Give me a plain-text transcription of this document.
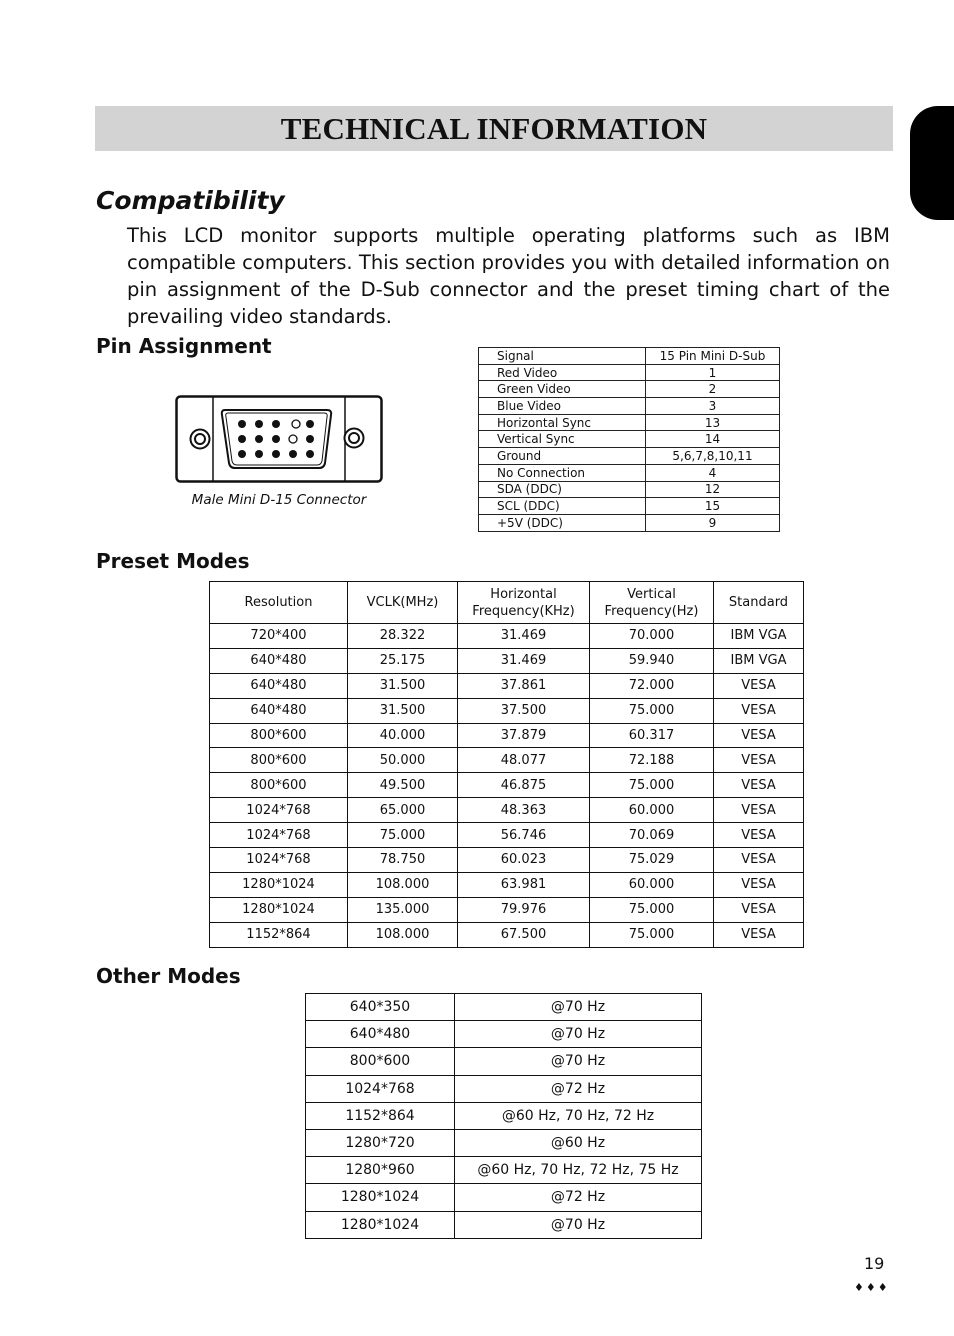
TECHNICAL INFORMATION
Compatibility

This LCD monitor supports multiple operating platforms such as IBM compatible computers. This section provides you with detailed information on pin assignment of the D-Sub connector and the preset timing chart of the prevailing video standards.

Pin Assignment
Male Mini D-15 Connector
Signal	15 Pin Mini D-Sub
Red Video	1
Green Video	2
Blue Video	3
Horizontal Sync	13
Vertical Sync	14
Ground	5,6,7,8,10,11
No Connection	4
SDA (DDC)	12
SCL (DDC)	15
+5V (DDC)	9
Preset Modes
Resolution	VCLK(MHz)	Horizontal Frequency(KHz)	Vertical Frequency(Hz)	Standard
720*400	28.322	31.469	70.000	IBM VGA
640*480	25.175	31.469	59.940	IBM VGA
640*480	31.500	37.861	72.000	VESA
640*480	31.500	37.500	75.000	VESA
800*600	40.000	37.879	60.317	VESA
800*600	50.000	48.077	72.188	VESA
800*600	49.500	46.875	75.000	VESA
1024*768	65.000	48.363	60.000	VESA
1024*768	75.000	56.746	70.069	VESA
1024*768	78.750	60.023	75.029	VESA
1280*1024	108.000	63.981	60.000	VESA
1280*1024	135.000	79.976	75.000	VESA
1152*864	108.000	67.500	75.000	VESA
Other Modes
640*350	@70 Hz
640*480	@70 Hz
800*600	@70 Hz
1024*768	@72 Hz
1152*864	@60 Hz, 70 Hz, 72 Hz
1280*720	@60 Hz
1280*960	@60 Hz, 70 Hz, 72 Hz, 75 Hz
1280*1024	@72 Hz
1280*1024	@70 Hz
19
♦♦♦
